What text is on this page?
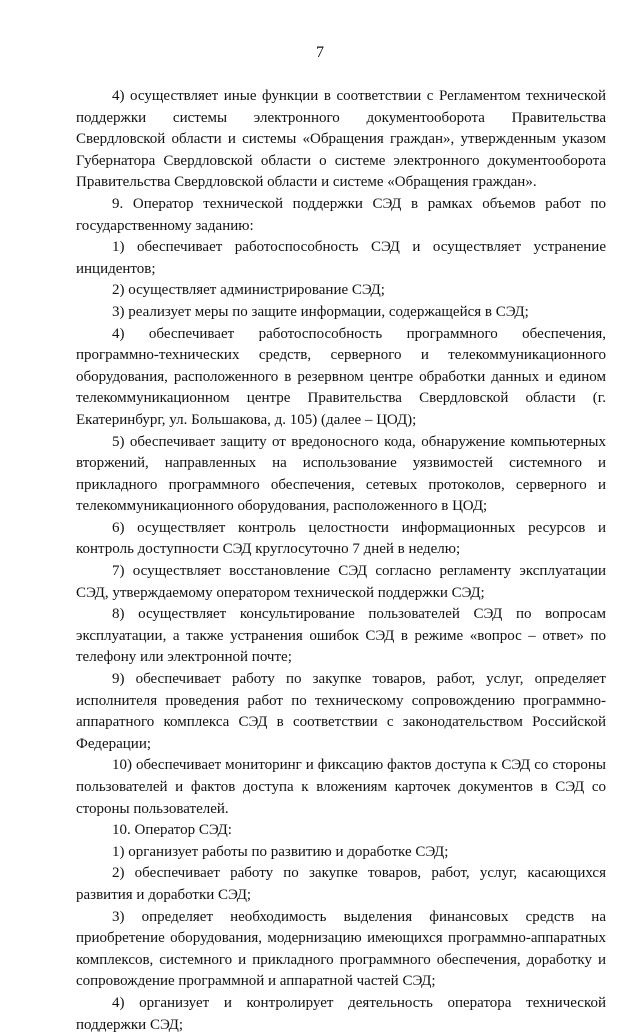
7

4) осуществляет иные функции в соответствии с Регламентом технической поддержки системы электронного документооборота Правительства Свердловской области и системы «Обращения граждан», утвержденным указом Губернатора Свердловской области о системе электронного документооборота Правительства Свердловской области и системе «Обращения граждан».

9. Оператор технической поддержки СЭД в рамках объемов работ по государственному заданию:

1) обеспечивает работоспособность СЭД и осуществляет устранение инцидентов;

2) осуществляет администрирование СЭД;

3) реализует меры по защите информации, содержащейся в СЭД;

4) обеспечивает работоспособность программного обеспечения, программно-технических средств, серверного и телекоммуникационного оборудования, расположенного в резервном центре обработки данных и едином телекоммуникационном центре Правительства Свердловской области (г. Екатеринбург, ул. Большакова, д. 105) (далее – ЦОД);

5) обеспечивает защиту от вредоносного кода, обнаружение компьютерных вторжений, направленных на использование уязвимостей системного и прикладного программного обеспечения, сетевых протоколов, серверного и телекоммуникационного оборудования, расположенного в ЦОД;

6) осуществляет контроль целостности информационных ресурсов и контроль доступности СЭД круглосуточно 7 дней в неделю;

7) осуществляет восстановление СЭД согласно регламенту эксплуатации СЭД, утверждаемому оператором технической поддержки СЭД;

8) осуществляет консультирование пользователей СЭД по вопросам эксплуатации, а также устранения ошибок СЭД в режиме «вопрос – ответ» по телефону или электронной почте;

9) обеспечивает работу по закупке товаров, работ, услуг, определяет исполнителя проведения работ по техническому сопровождению программно-аппаратного комплекса СЭД в соответствии с законодательством Российской Федерации;

10) обеспечивает мониторинг и фиксацию фактов доступа к СЭД со стороны пользователей и фактов доступа к вложениям карточек документов в СЭД со стороны пользователей.

10. Оператор СЭД:

1) организует работы по развитию и доработке СЭД;

2) обеспечивает работу по закупке товаров, работ, услуг, касающихся развития и доработки СЭД;

3) определяет необходимость выделения финансовых средств на приобретение оборудования, модернизацию имеющихся программно-аппаратных комплексов, системного и прикладного программного обеспечения, доработку и сопровождение программной и аппаратной частей СЭД;

4) организует и контролирует деятельность оператора технической поддержки СЭД;
